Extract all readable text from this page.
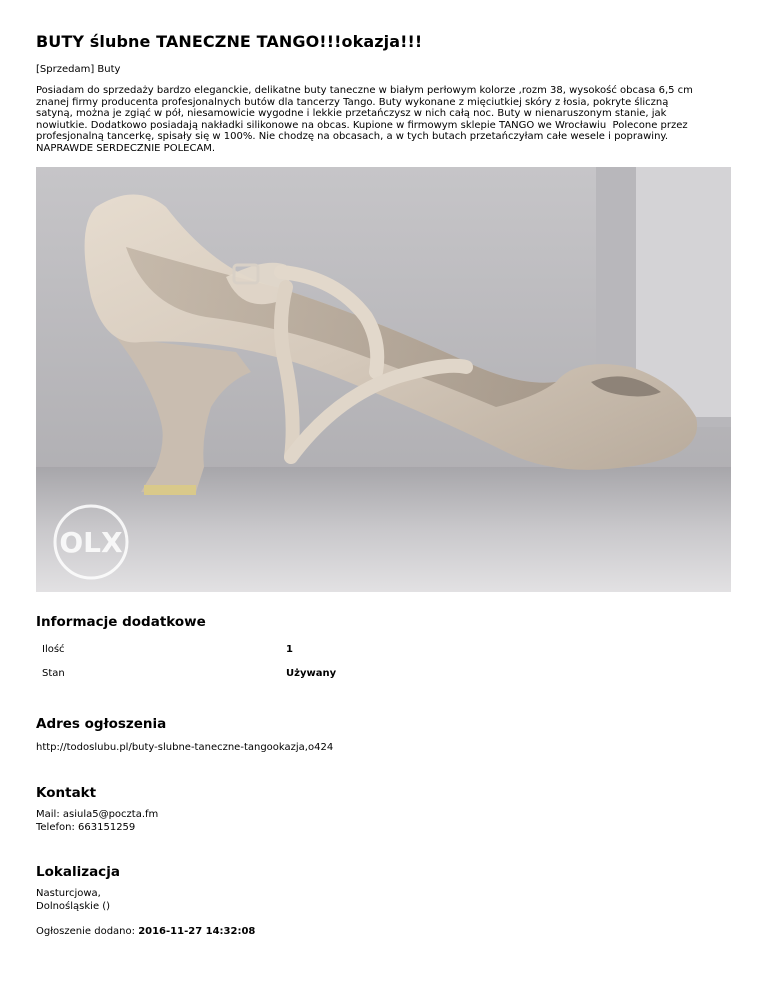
BUTY ślubne TANECZNE TANGO!!!okazja!!!
[Sprzedam] Buty
Posiadam do sprzedaży bardzo eleganckie, delikatne buty taneczne w białym perłowym kolorze ,rozm 38, wysokość obcasa 6,5 cm
znanej firmy producenta profesjonalnych butów dla tancerzy Tango. Buty wykonane z mięciutkiej skóry z łosia, pokryte śliczną
satyną, można je zgiąć w pół, niesamowicie wygodne i lekkie przetańczysz w nich całą noc. Buty w nienaruszonym stanie, jak
nowiutkie. Dodatkowo posiadają nakładki silikonowe na obcas. Kupione w firmowym sklepie TANGO we Wrocławiu  Polecone przez
profesjonalną tancerkę, spisały się w 100%. Nie chodzę na obcasach, a w tych butach przetańczyłam całe wesele i poprawiny.
NAPRAWDE SERDECZNIE POLECAM.
OLX
Informacje dodatkowe
Ilość	1
Stan	Używany
Adres ogłoszenia
http://todoslubu.pl/buty-slubne-taneczne-tangookazja,o424
Kontakt
Mail: asiula5@poczta.fm
Telefon: 663151259
Lokalizacja
Nasturcjowa,
Dolnośląskie ()
Ogłoszenie dodano: 2016-11-27 14:32:08
